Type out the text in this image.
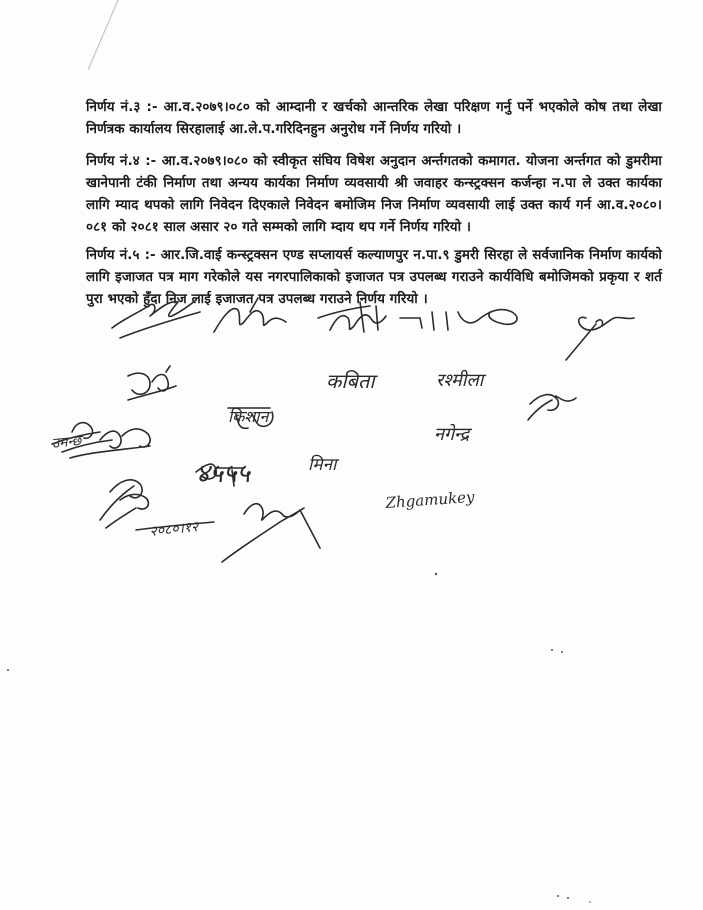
निर्णय नं.३ :- आ.व.२०७९।०८० को आम्दानी र खर्चको आन्तरिक लेखा परिक्षण गर्नु पर्ने भएकोले कोष तथा लेखा निर्णत्रक कार्यालय सिरहालाई आ.ले.प.गरिदिनहुन अनुरोध गर्ने निर्णय गरियो ।

निर्णय नं.४ :- आ.व.२०७९।०८० को स्वीकृत संघिय विषेश अनुदान अर्न्तगतको कमागत. योजना अर्न्तगत को डुमरीमा खानेपानी टंकी निर्माण तथा अन्यय कार्यका निर्माण व्यवसायी श्री जवाहर कन्स्ट्रक्सन कर्जन्हा न.पा ले उक्त कार्यका लागि म्याद थपको लागि निवेदन दिएकाले निवेदन बमोजिम निज निर्माण व्यवसायी लाई उक्त कार्य गर्न आ.व.२०८०।०८१ को २०८१ साल असार २० गते सम्मको लागि म्दाय थप गर्ने निर्णय गरियो ।

निर्णय नं.५ :- आर.जि.वाई कन्स्ट्रक्सन एण्ड सप्लायर्स कल्याणपुर न.पा.९ डुमरी सिरहा ले सर्वजानिक निर्माण कार्यको लागि इजाजत पत्र माग गरेकोले यस नगरपालिकाको इजाजत पत्र उपलब्ध गराउने कार्यविधि बमोजिमको प्रकृया र शर्त पुरा भएको हुँदा निज लाई इजाजत पत्र उपलब्ध गराउने निर्णय गरियो ।

कबिता	रश्मीला
नगेन्द्र
किशान
४५५५	मिना
Zhgamukey
२०८०।१२
उमन्छ
